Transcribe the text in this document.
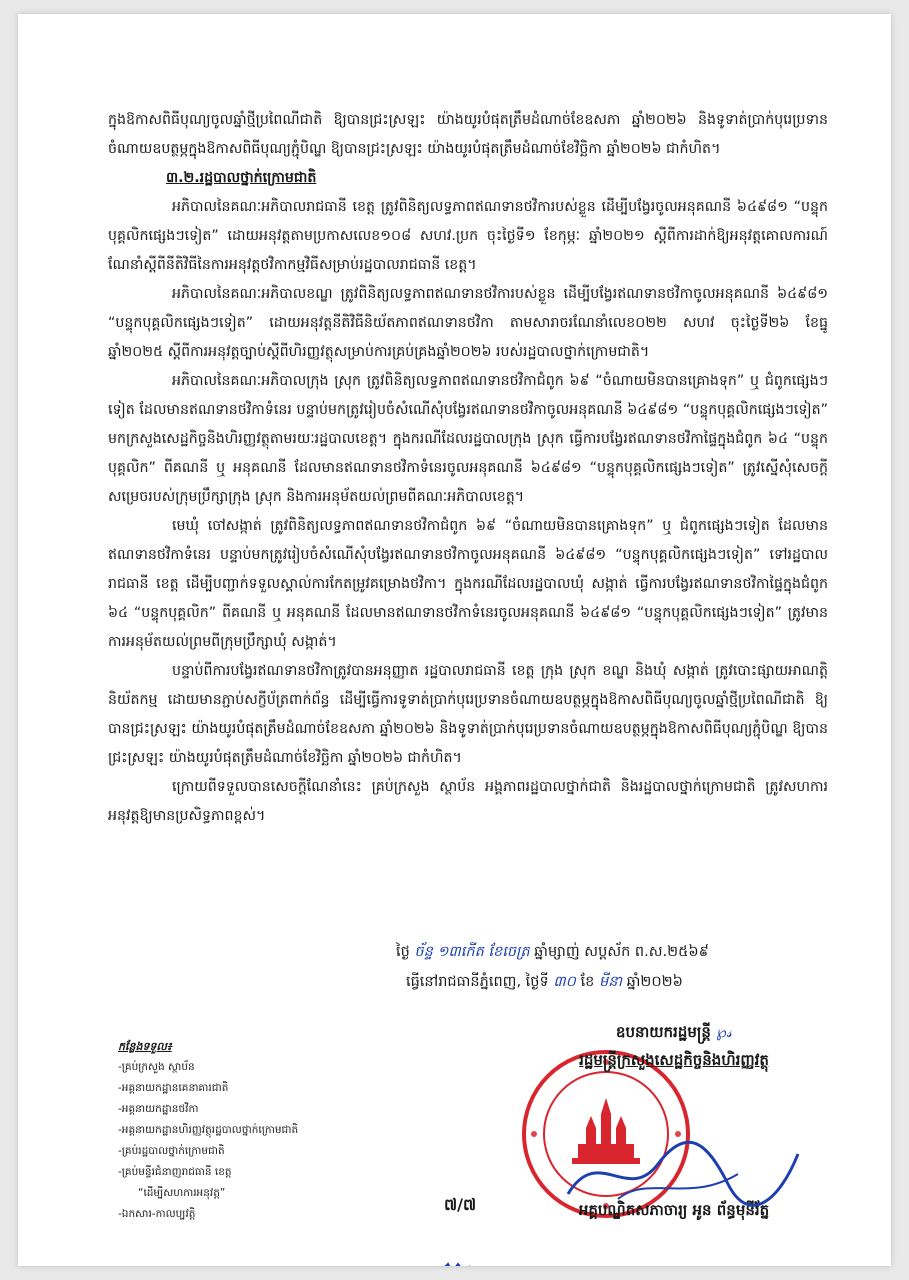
ក្នុងឱកាសពិធីបុណ្យចូលឆ្នាំថ្មីប្រពៃណីជាតិ ឱ្យបានជ្រះស្រឡះ យ៉ាងយូរបំផុតត្រឹមដំណាច់ខែឧសភា ឆ្នាំ២០២៦ និងទូទាត់ប្រាក់បុរេប្រទានចំណាយឧបត្ថម្ភក្នុងឱកាសពិធីបុណ្យភ្ជុំបិណ្ឌ ឱ្យបានជ្រះស្រឡះ យ៉ាងយូរបំផុតត្រឹមដំណាច់ខែវិច្ឆិកា ឆ្នាំ២០២៦ ជាកំហិត។

៣.២.រដ្ឋបាលថ្នាក់ក្រោមជាតិ

អភិបាលនៃគណៈអភិបាលរាជធានី ខេត្ត ត្រូវពិនិត្យលទ្ធភាពឥណទានថវិការបស់ខ្លួន ដើម្បីបង្វែរចូលអនុគណនី ៦៤៩៨១ “បន្ទុកបុគ្គលិកផ្សេងៗទៀត” ដោយអនុវត្តតាមប្រកាសលេខ១០៨ សហវ.ប្រក ចុះថ្ងៃទី១ ខែកុម្ភៈ ឆ្នាំ២០២១ ស្តីពីការដាក់ឱ្យអនុវត្តគោលការណ៍ណែនាំស្តីពីនីតិវិធីនៃការអនុវត្តថវិកាកម្មវិធីសម្រាប់រដ្ឋបាលរាជធានី ខេត្ត។

អភិបាលនៃគណៈអភិបាលខណ្ឌ ត្រូវពិនិត្យលទ្ធភាពឥណទានថវិការបស់ខ្លួន ដើម្បីបង្វែរឥណទានថវិកាចូលអនុគណនី ៦៤៩៨១ “បន្ទុកបុគ្គលិកផ្សេងៗទៀត” ដោយអនុវត្តនីតិវិធីនិយ័តភាពឥណទានថវិកា តាមសារាចរណែនាំលេខ០២២ សហវ ចុះថ្ងៃទី២៦ ខែធ្នូ ឆ្នាំ២០២៥ ស្តីពីការអនុវត្តច្បាប់ស្តីពីហិរញ្ញវត្ថុសម្រាប់ការគ្រប់គ្រងឆ្នាំ២០២៦ របស់រដ្ឋបាលថ្នាក់ក្រោមជាតិ។

អភិបាលនៃគណៈអភិបាលក្រុង ស្រុក ត្រូវពិនិត្យលទ្ធភាពឥណទានថវិកាជំពូក ៦៩ “ចំណាយមិនបានគ្រោងទុក” ឬ ជំពូកផ្សេងៗទៀត ដែលមានឥណទានថវិកាទំនេរ បន្ទាប់មកត្រូវរៀបចំសំណើសុំបង្វែរឥណទានថវិកាចូលអនុគណនី ៦៤៩៨១ “បន្ទុកបុគ្គលិកផ្សេងៗទៀត” មកក្រសួងសេដ្ឋកិច្ចនិងហិរញ្ញវត្ថុតាមរយៈរដ្ឋបាលខេត្ត។ ក្នុងករណីដែលរដ្ឋបាលក្រុង ស្រុក ធ្វើការបង្វែរឥណទានថវិកាផ្ទៃក្នុងជំពូក ៦៤ “បន្ទុកបុគ្គលិក” ពីគណនី ឬ អនុគណនី ដែលមានឥណទានថវិកាទំនេរចូលអនុគណនី ៦៤៩៨១ “បន្ទុកបុគ្គលិកផ្សេងៗទៀត” ត្រូវស្នើសុំសេចក្តីសម្រេចរបស់ក្រុមប្រឹក្សាក្រុង ស្រុក និងការអនុម័តយល់ព្រមពីគណៈអភិបាលខេត្ត។

មេឃុំ ចៅសង្កាត់ ត្រូវពិនិត្យលទ្ធភាពឥណទានថវិកាជំពូក ៦៩ “ចំណាយមិនបានគ្រោងទុក” ឬ ជំពូកផ្សេងៗទៀត ដែលមានឥណទានថវិកាទំនេរ បន្ទាប់មកត្រូវរៀបចំសំណើសុំបង្វែរឥណទានថវិកាចូលអនុគណនី ៦៤៩៨១ “បន្ទុកបុគ្គលិកផ្សេងៗទៀត” ទៅរដ្ឋបាលរាជធានី ខេត្ត ដើម្បីបញ្ជាក់ទទួលស្គាល់ការកែតម្រូវគម្រោងថវិកា។ ក្នុងករណីដែលរដ្ឋបាលឃុំ សង្កាត់ ធ្វើការបង្វែរឥណទានថវិកាផ្ទៃក្នុងជំពូក ៦៤ “បន្ទុកបុគ្គលិក” ពីគណនី ឬ អនុគណនី ដែលមានឥណទានថវិកាទំនេរចូលអនុគណនី ៦៤៩៨១ “បន្ទុកបុគ្គលិកផ្សេងៗទៀត” ត្រូវមានការអនុម័តយល់ព្រមពីក្រុមប្រឹក្សាឃុំ សង្កាត់។

បន្ទាប់ពីការបង្វែរឥណទានថវិកាត្រូវបានអនុញ្ញាត រដ្ឋបាលរាជធានី ខេត្ត ក្រុង ស្រុក ខណ្ឌ និងឃុំ សង្កាត់ ត្រូវបោះផ្សាយអាណត្តិនិយ័តកម្ម ដោយមានភ្ជាប់សក្ខីប័ត្រពាក់ព័ន្ធ ដើម្បីធ្វើការទូទាត់ប្រាក់បុរេប្រទានចំណាយឧបត្ថម្ភក្នុងឱកាសពិធីបុណ្យចូលឆ្នាំថ្មីប្រពៃណីជាតិ ឱ្យបានជ្រះស្រឡះ យ៉ាងយូរបំផុតត្រឹមដំណាច់ខែឧសភា ឆ្នាំ២០២៦ និងទូទាត់ប្រាក់បុរេប្រទានចំណាយឧបត្ថម្ភក្នុងឱកាសពិធីបុណ្យភ្ជុំបិណ្ឌ ឱ្យបានជ្រះស្រឡះ យ៉ាងយូរបំផុតត្រឹមដំណាច់ខែវិច្ឆិកា ឆ្នាំ២០២៦ ជាកំហិត។

ក្រោយពីទទួលបានសេចក្តីណែនាំនេះ គ្រប់ក្រសួង ស្ថាប័ន អង្គភាពរដ្ឋបាលថ្នាក់ជាតិ និងរដ្ឋបាលថ្នាក់ក្រោមជាតិ ត្រូវសហការអនុវត្តឱ្យមានប្រសិទ្ធភាពខ្ពស់។

ថ្ងៃ ច័ន្ទ ១៣កើត ខែចេត្រ ឆ្នាំម្សាញ់ សប្តស័ក ព.ស.២៥៦៩
ធ្វើនៅរាជធានីភ្នំពេញ, ថ្ងៃទី ៣០ ខែ មីនា ឆ្នាំ២០២៦
ឧបនាយករដ្ឋមន្ត្រី ℘𝓈
រដ្ឋមន្ត្រីក្រសួងសេដ្ឋកិច្ចនិងហិរញ្ញវត្ថុ
អគ្គបណ្ឌិតសភាចារ្យ អូន ព័ន្ធមុនីរ័ត្ន
កន្លែងទទួល៖
-គ្រប់ក្រសួង ស្ថាប័ន
-អគ្គនាយកដ្ឋានគេនាគារជាតិ
-អគ្គនាយកដ្ឋានថវិកា
-អគ្គនាយកដ្ឋានហិរញ្ញវត្ថុរដ្ឋបាលថ្នាក់ក្រោមជាតិ
-គ្រប់រដ្ឋបាលថ្នាក់ក្រោមជាតិ
-គ្រប់មន្ទីរជំនាញរាជធានី ខេត្ត
“ដើម្បីសហការអនុវត្ត”
-ឯកសារ-កាលប្បវត្តិ	៧/៧
